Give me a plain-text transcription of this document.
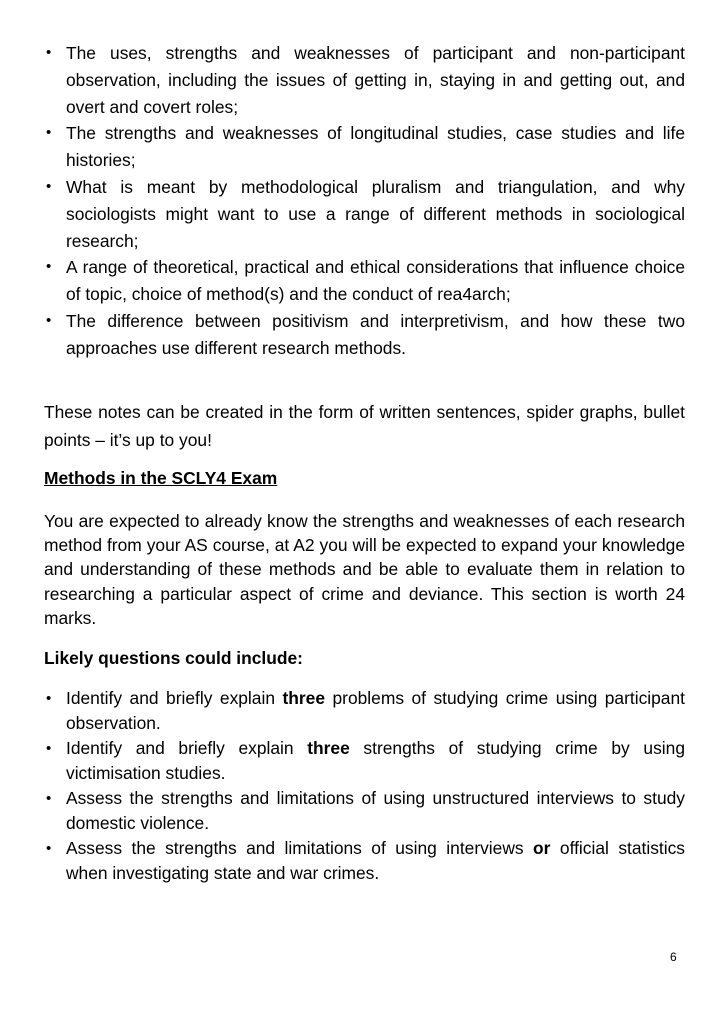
• The uses, strengths and weaknesses of participant and non-participant observation, including the issues of getting in, staying in and getting out, and overt and covert roles;
• The strengths and weaknesses of longitudinal studies, case studies and life histories;
• What is meant by methodological pluralism and triangulation, and why sociologists might want to use a range of different methods in sociological research;
• A range of theoretical, practical and ethical considerations that influence choice of topic, choice of method(s) and the conduct of rea4arch;
• The difference between positivism and interpretivism, and how these two approaches use different research methods.

These notes can be created in the form of written sentences, spider graphs, bullet points – it’s up to you!

Methods in the SCLY4 Exam

You are expected to already know the strengths and weaknesses of each research method from your AS course, at A2 you will be expected to expand your knowledge and understanding of these methods and be able to evaluate them in relation to researching a particular aspect of crime and deviance. This section is worth 24 marks.

Likely questions could include:

• Identify and briefly explain three problems of studying crime using participant observation.
• Identify and briefly explain three strengths of studying crime by using victimisation studies.
• Assess the strengths and limitations of using unstructured interviews to study domestic violence.
• Assess the strengths and limitations of using interviews or official statistics when investigating state and war crimes.
6
